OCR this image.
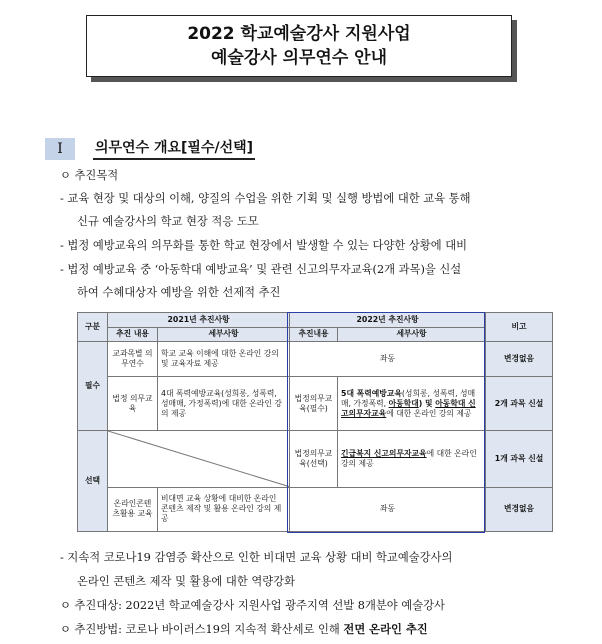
2022 학교예술강사 지원사업
예술강사 의무연수 안내
Ⅰ	의무연수 개요[필수/선택]
ㅇ 추진목적
- 교육 현장 및 대상의 이해, 양질의 수업을 위한 기획 및 실행 방법에 대한 교육 통해
신규 예술강사의 학교 현장 적응 도모
- 법정 예방교육의 의무화를 통한 학교 현장에서 발생할 수 있는 다양한 상황에 대비
- 법정 예방교육 중 ‘아동학대 예방교육’ 및 관련 신고의무자교육(2개 과목)을 신설
하여 수혜대상자 예방을 위한 선제적 추진
구분	2021년 추진사항		2022년 추진사항		비고
	추진 내용	세부사항	추진내용	세부사항	
필수	교과목별 의무연수	학교 교육 이해에 대한 온라인 강의 및 교육자료 제공	좌동		변경없음
	법정 의무교육	4대 폭력예방교육(성희롱, 성폭력, 성매매, 가정폭력)에 대한 온라인 강의 제공	법정의무교육(필수)	5대 폭력예방교육(성희롱, 성폭력, 성매매, 가정폭력, 아동학대) 및 아동학대 신고의무자교육에 대한 온라인 강의 제공	2개 과목 신설
선택			법정의무교육(선택)	긴급복지 신고의무자교육에 대한 온라인 강의 제공	1개 과목 신설
	온라인콘텐츠활용 교육	비대면 교육 상황에 대비한 온라인 콘텐츠 제작 및 활용 온라인 강의 제공	좌동		변경없음
- 지속적 코로나19 감염증 확산으로 인한 비대면 교육 상황 대비 학교예술강사의
온라인 콘텐츠 제작 및 활용에 대한 역량강화
ㅇ 추진대상: 2022년 학교예술강사 지원사업 광주지역 선발 8개분야 예술강사
ㅇ 추진방법: 코로나 바이러스19의 지속적 확산세로 인해 전면 온라인 추진
